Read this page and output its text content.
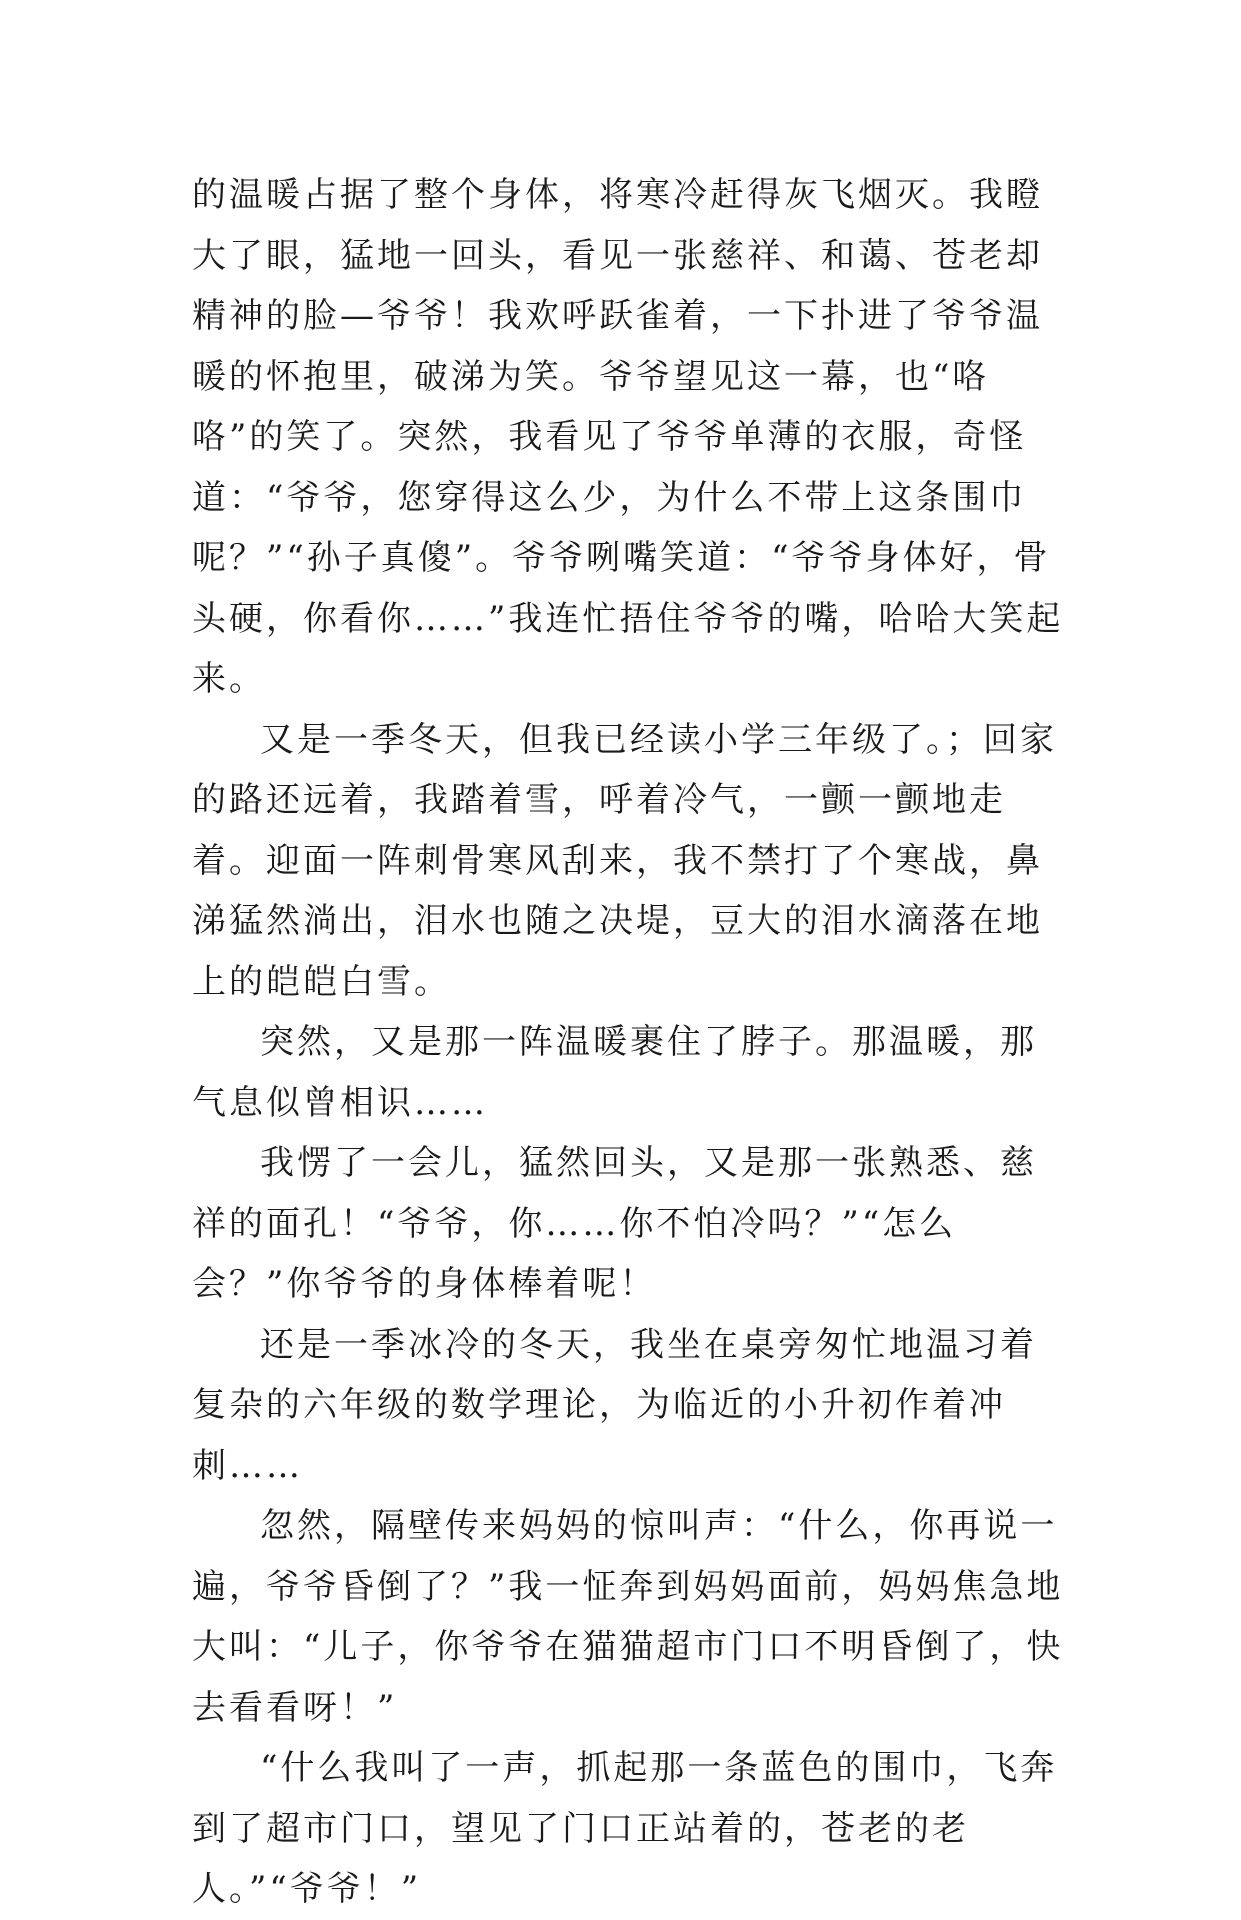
的温暖占据了整个身体，将寒冷赶得灰飞烟灭。我瞪大了眼，猛地一回头，看见一张慈祥、和蔼、苍老却精神的脸—爷爷！我欢呼跃雀着，一下扑进了爷爷温暖的怀抱里，破涕为笑。爷爷望见这一幕，也“咯咯”的笑了。突然，我看见了爷爷单薄的衣服，奇怪道：“爷爷，您穿得这么少，为什么不带上这条围巾呢？”“孙子真傻”。爷爷咧嘴笑道：“爷爷身体好，骨头硬，你看你……”我连忙捂住爷爷的嘴，哈哈大笑起来。

又是一季冬天，但我已经读小学三年级了。；回家的路还远着，我踏着雪，呼着冷气，一颤一颤地走着。迎面一阵刺骨寒风刮来，我不禁打了个寒战，鼻涕猛然淌出，泪水也随之决堤，豆大的泪水滴落在地上的皑皑白雪。

突然，又是那一阵温暖裹住了脖子。那温暖，那气息似曾相识……

我愣了一会儿，猛然回头，又是那一张熟悉、慈祥的面孔！“爷爷，你……你不怕冷吗？”“怎么会？”你爷爷的身体棒着呢！

还是一季冰冷的冬天，我坐在桌旁匆忙地温习着复杂的六年级的数学理论，为临近的小升初作着冲刺……

忽然，隔壁传来妈妈的惊叫声：“什么，你再说一遍，爷爷昏倒了？”我一怔奔到妈妈面前，妈妈焦急地大叫：“儿子，你爷爷在猫猫超市门口不明昏倒了，快去看看呀！”

“什么我叫了一声，抓起那一条蓝色的围巾，飞奔到了超市门口，望见了门口正站着的，苍老的老人。”“爷爷！”
